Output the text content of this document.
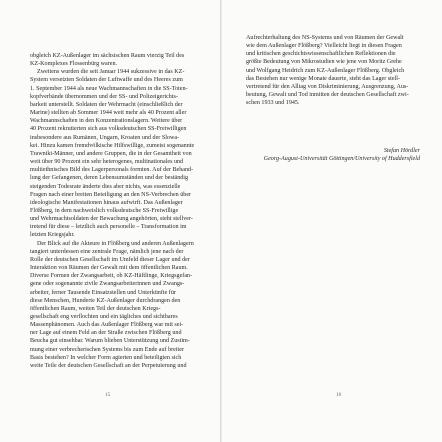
obgleich KZ-Außenlager im sächsischen Raum vierzig Teil des
KZ-Komplexes Flossenbürg waren.
Zweitens wurden die seit Januar 1944 sukzessive in das KZ-
System versetzten Soldaten der Luftwaffe und des Heeres zum
1. September 1944 als neue Wachmannschaften in die SS-Toten-
kopfverbände übernommen und der SS- und Polizeigerichts-
barkeit unterstellt. Soldaten der Wehrmacht (einschließlich der
Marine) stellten ab Sommer 1944 weit mehr als 40 Prozent aller
Wachmannschaften in den Konzentrationslagern. Weitere über
40 Prozent rekrutierten sich aus volksdeutschen SS-Freiwilligen
insbesondere aus Rumänen, Ungarn, Kroaten und der Slowa-
kei. Hinzu kamen fremdvölkische Hilfswillige, zumeist sogenannte
Trawniki-Männer, und andere Gruppen, die in der Gesamtheit von
weit über 90 Prozent ein sehr heterogenes, multinationales und
multiethnisches Bild des Lagerpersonals formten. Auf der Behand-
lung der Gefangenen, deren Lebensumständen und der beständig
steigenden Todesrate änderte dies aber nichts, was essenzielle
Fragen nach einer breiten Beteiligung an den NS-Verbrechen über
ideologische Manifestationen hinaus aufwirft. Das Außenlager
Flößberg, in dem nachweislich volksdeutsche SS-Freiwillige
und Wehrmachtsoldaten der Bewachung angehörten, steht stellver-
tretend für diese – letztlich auch personelle – Transformation im
letzten Kriegsjahr.
Der Blick auf die Akteure in Flößberg und anderen Außenlagern
tangiert unterdessen eine zentrale Frage, nämlich jene nach der
Rolle der deutschen Gesellschaft im Umfeld dieser Lager und der
Interaktion von Räumen der Gewalt mit dem öffentlichen Raum.
Diverse Formen der Zwangsarbeit, ob KZ-Häftlinge, Kriegsgefan-
gene oder sogenannte zivile Zwangsarbeiterinnen und Zwangs-
arbeiter, ferner Tausende Einsatzstellen und Unterkünfte für
diese Menschen, Hunderte KZ-Außenlager durchdrangen den
öffentlichen Raum, weiten Teil der deutschen Kriegs-
gesellschaft eng verflochten und ein tägliches und sichtbares
Massenphänomen. Auch das Außenlager Flößberg war mit sei-
ner Lage auf einem Feld an der Straße zwischen Flößberg und
Beucha gut einsehbar. Warum blieben Unterstützung und Zustim-
mung einer verbrecherischen Systems bis zum Ende auf breiter
Basis bestehen? In welcher Form agierten und beteiligten sich
weite Teile der deutschen Gesellschaft an der Perpetuierung und
15
Aufrechterhaltung des NS-Systems und von Räumen der Gewalt
wie dem Außenlager Flößberg? Vielleicht liegt in diesen Fragen
und kritischen geschichtswissenschaftlichen Reflektionen die
größte Bedeutung von Mikrostudien wie jene von Moritz Grehe
und Wolfgang Heidrich zum KZ-Außenlager Flößberg. Obgleich
das Bestehen nur wenige Monate dauerte, steht das Lager stell-
vertretend für den Alltag von Diskriminierung, Ausgrenzung, Aus-
beutung, Gewalt und Tod inmitten der deutschen Gesellschaft zwi-
schen 1933 und 1945.
Stefan Hördler
Georg-August-Universität Göttingen/University of Huddersfield
16
